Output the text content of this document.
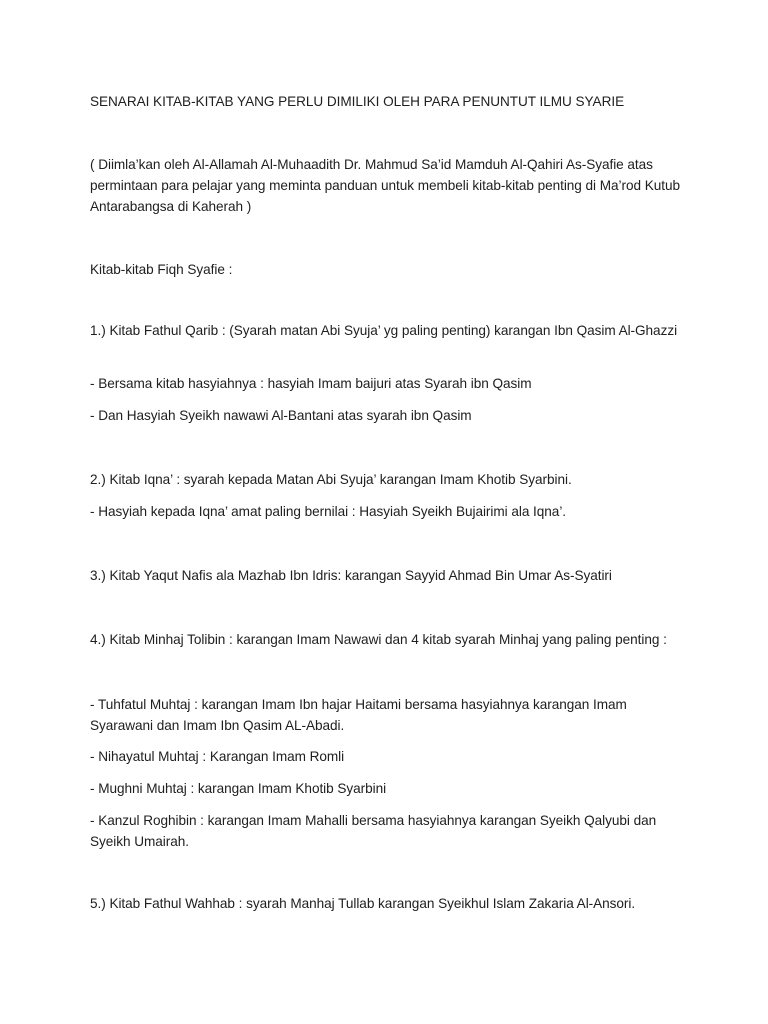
SENARAI KITAB-KITAB YANG PERLU DIMILIKI OLEH PARA PENUNTUT ILMU SYARIE
( Diimla’kan oleh Al-Allamah Al-Muhaadith Dr. Mahmud Sa’id Mamduh Al-Qahiri As-Syafie atas permintaan para pelajar yang meminta panduan untuk membeli kitab-kitab penting di Ma’rod Kutub Antarabangsa di Kaherah )
Kitab-kitab Fiqh Syafie :
1.) Kitab Fathul Qarib : (Syarah matan Abi Syuja’ yg paling penting) karangan Ibn Qasim Al-Ghazzi
- Bersama kitab hasyiahnya : hasyiah Imam baijuri atas Syarah ibn Qasim
- Dan Hasyiah Syeikh nawawi Al-Bantani atas syarah ibn Qasim
2.) Kitab Iqna’ : syarah kepada Matan Abi Syuja’ karangan Imam Khotib Syarbini.
- Hasyiah kepada Iqna’ amat paling bernilai : Hasyiah Syeikh Bujairimi ala Iqna’.
3.) Kitab Yaqut Nafis ala Mazhab Ibn Idris: karangan Sayyid Ahmad Bin Umar As-Syatiri
4.) Kitab Minhaj Tolibin : karangan Imam Nawawi dan 4 kitab syarah Minhaj yang paling penting :
- Tuhfatul Muhtaj : karangan Imam Ibn hajar Haitami bersama hasyiahnya karangan Imam Syarawani dan Imam Ibn Qasim AL-Abadi.
- Nihayatul Muhtaj : Karangan Imam Romli
- Mughni Muhtaj : karangan Imam Khotib Syarbini
- Kanzul Roghibin : karangan Imam Mahalli bersama hasyiahnya karangan Syeikh Qalyubi dan Syeikh Umairah.
5.) Kitab Fathul Wahhab : syarah Manhaj Tullab karangan Syeikhul Islam Zakaria Al-Ansori.
